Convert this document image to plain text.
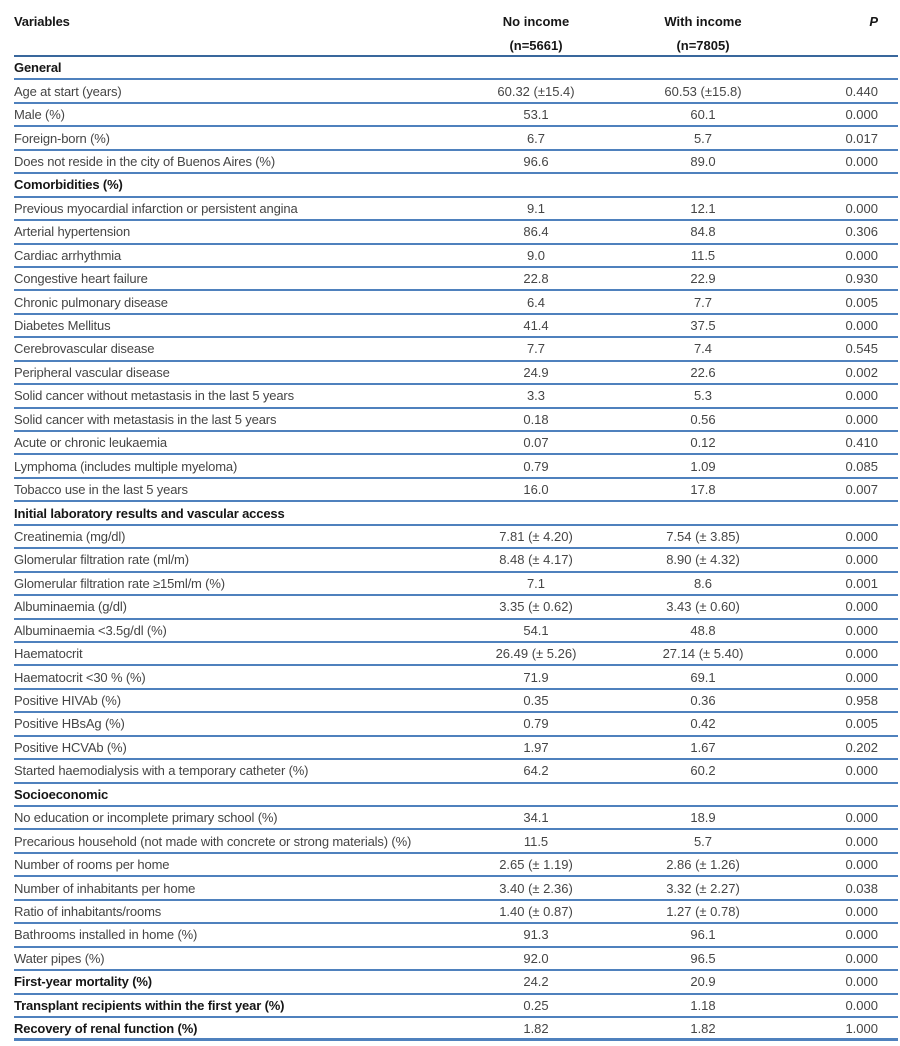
Variables	No income	With income	P
(n=5661)	(n=7805)
General
Age at start (years)	60.32 (±15.4)	60.53 (±15.8)	0.440
Male (%)	53.1	60.1	0.000
Foreign-born (%)	6.7	5.7	0.017
Does not reside in the city of Buenos Aires (%)	96.6	89.0	0.000
Comorbidities (%)
Previous myocardial infarction or persistent angina	9.1	12.1	0.000
Arterial hypertension	86.4	84.8	0.306
Cardiac arrhythmia	9.0	11.5	0.000
Congestive heart failure	22.8	22.9	0.930
Chronic pulmonary disease	6.4	7.7	0.005
Diabetes Mellitus	41.4	37.5	0.000
Cerebrovascular disease	7.7	7.4	0.545
Peripheral vascular disease	24.9	22.6	0.002
Solid cancer without metastasis in the last 5 years	3.3	5.3	0.000
Solid cancer with metastasis in the last 5 years	0.18	0.56	0.000
Acute or chronic leukaemia	0.07	0.12	0.410
Lymphoma (includes multiple myeloma)	0.79	1.09	0.085
Tobacco use in the last 5 years	16.0	17.8	0.007
Initial laboratory results and vascular access
Creatinemia (mg/dl)	7.81 (± 4.20)	7.54 (± 3.85)	0.000
Glomerular filtration rate (ml/m)	8.48 (± 4.17)	8.90 (± 4.32)	0.000
Glomerular filtration rate ≥15ml/m (%)	7.1	8.6	0.001
Albuminaemia (g/dl)	3.35 (± 0.62)	3.43 (± 0.60)	0.000
Albuminaemia <3.5g/dl (%)	54.1	48.8	0.000
Haematocrit	26.49 (± 5.26)	27.14 (± 5.40)	0.000
Haematocrit <30 % (%)	71.9	69.1	0.000
Positive HIVAb (%)	0.35	0.36	0.958
Positive HBsAg (%)	0.79	0.42	0.005
Positive HCVAb (%)	1.97	1.67	0.202
Started haemodialysis with a temporary catheter (%)	64.2	60.2	0.000
Socioeconomic
No education or incomplete primary school (%)	34.1	18.9	0.000
Precarious household (not made with concrete or strong materials) (%)	11.5	5.7	0.000
Number of rooms per home	2.65 (± 1.19)	2.86 (± 1.26)	0.000
Number of inhabitants per home	3.40 (± 2.36)	3.32 (± 2.27)	0.038
Ratio of inhabitants/rooms	1.40 (± 0.87)	1.27 (± 0.78)	0.000
Bathrooms installed in home (%)	91.3	96.1	0.000
Water pipes (%)	92.0	96.5	0.000
First-year mortality (%)	24.2	20.9	0.000
Transplant recipients within the first year (%)	0.25	1.18	0.000
Recovery of renal function (%)	1.82	1.82	1.000
